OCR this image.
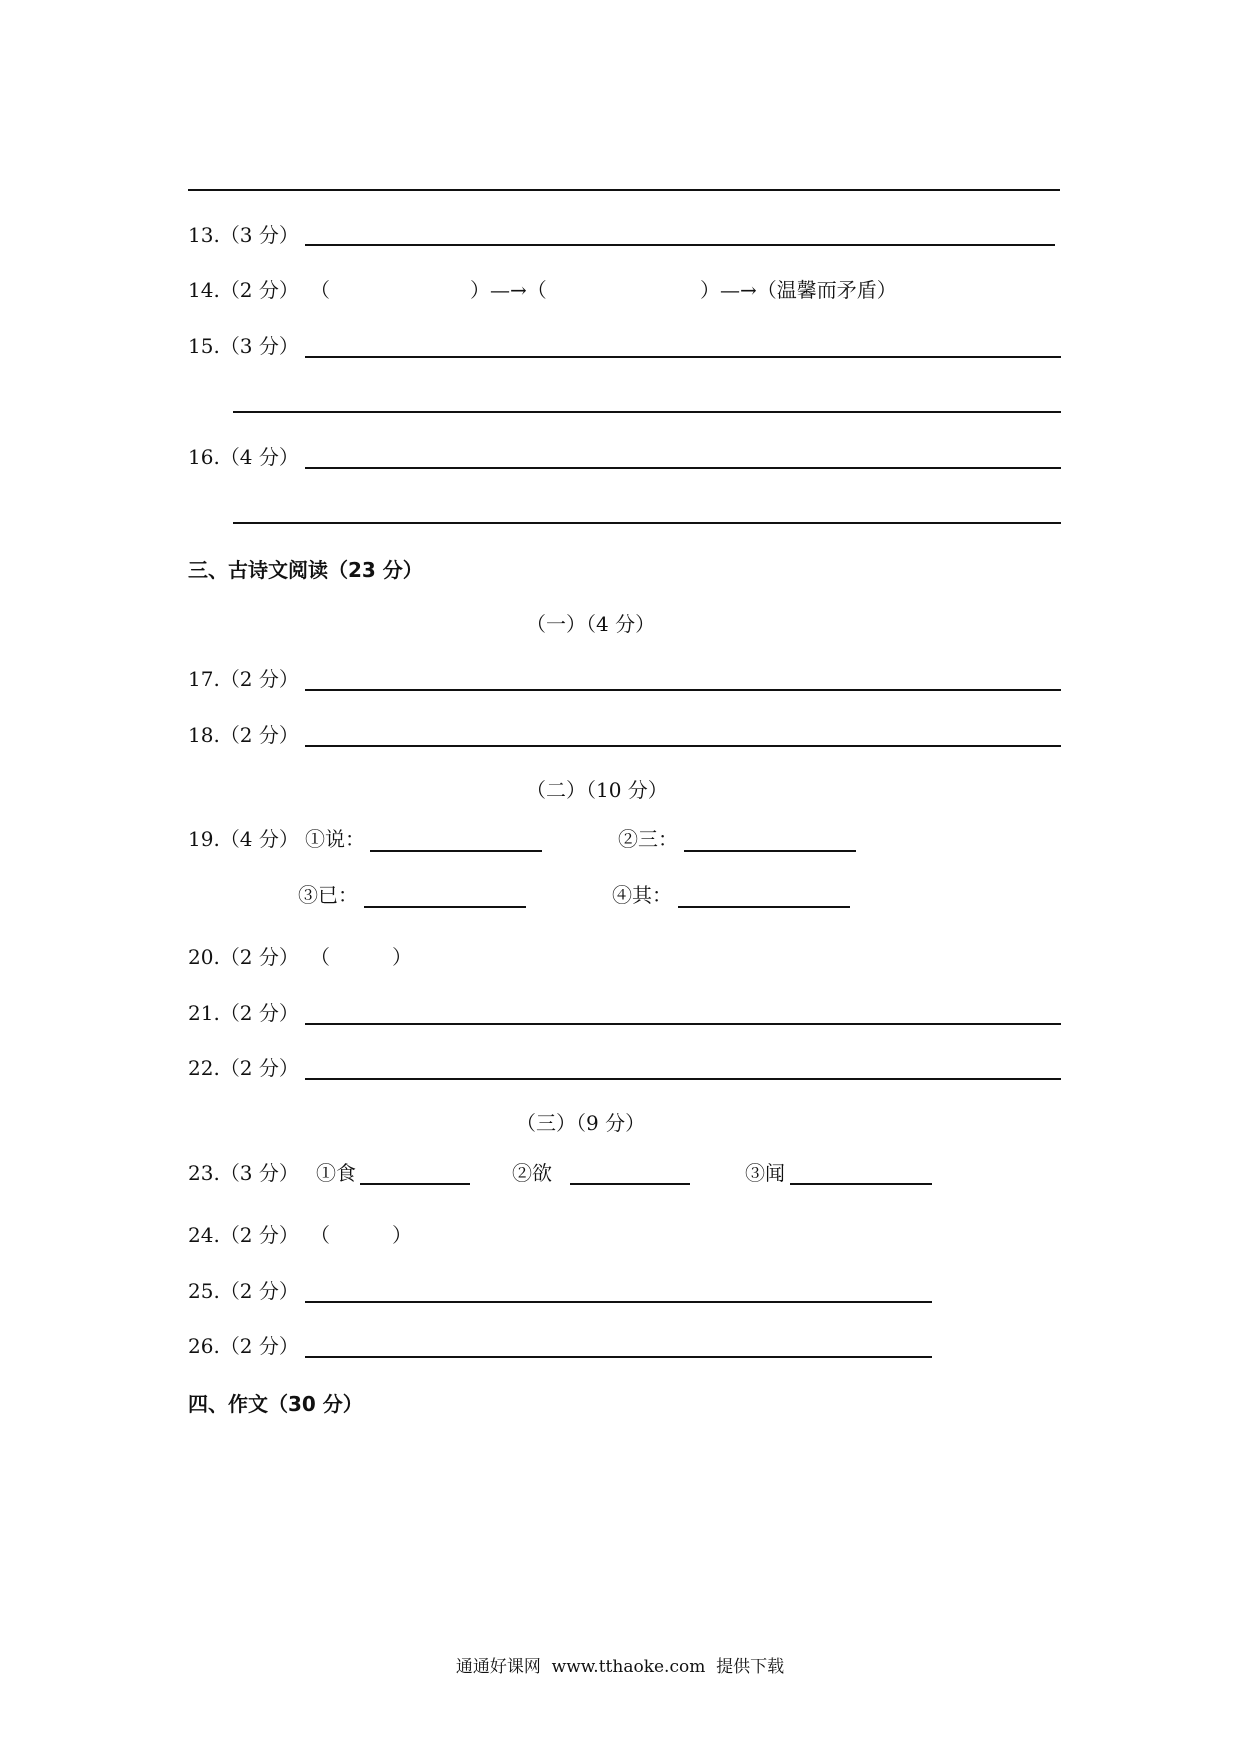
13.（3 分）
14.（2 分） （	）—→（	）—→（温馨而矛盾）
15.（3 分）
16.（4 分）
三、古诗文阅读（23 分）
（一）（4 分）
17.（2 分）
18.（2 分）
（二）（10 分）
19.（4 分） ①说：	②三：
③已：	④其：
20.（2 分） （	）
21.（2 分）
22.（2 分）
（三）（9 分）
23.（3 分） ①食	②欲	③闻
24.（2 分） （	）
25.（2 分）
26.（2 分）
四、作文（30 分）
通通好课网  www.tthaoke.com  提供下载
